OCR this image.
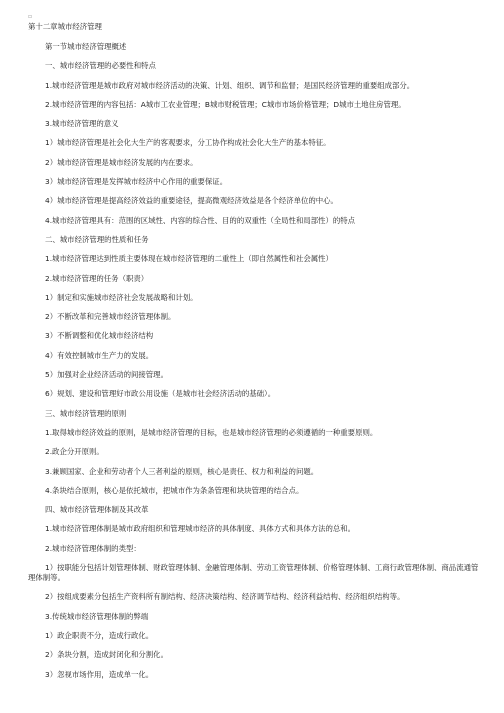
▫
第十二章城市经济管理
第一节城市经济管理概述
一、城市经济管理的必要性和特点
1.城市经济管理是城市政府对城市经济活动的决策、计划、组织、调节和监督；是国民经济管理的重要组成部分。
2.城市经济管理的内容包括：A城市工农业管理；B城市财税管理；C城市市场价格管理；D城市土地住房管理。
3.城市经济管理的意义
1）城市经济管理是社会化大生产的客观要求，分工协作构成社会化大生产的基本特征。
2）城市经济管理是城市经济发展的内在要求。
3）城市经济管理是发挥城市经济中心作用的重要保证。
4）城市经济管理是提高经济效益的重要途径，提高微观经济效益是各个经济单位的中心。
4.城市经济管理具有：范围的区域性、内容的综合性、目的的双重性（全局性和局部性）的特点
二、城市经济管理的性质和任务
1.城市经济管理达到性质主要体现在城市经济管理的二重性上（即自然属性和社会属性）
2.城市经济管理的任务（职责）
1）制定和实施城市经济社会发展战略和计划。
2）不断改革和完善城市经济管理体制。
3）不断调整和优化城市经济结构
4）有效控制城市生产力的发展。
5）加强对企业经济活动的间接管理。
6）规划、建设和管理好市政公用设施（是城市社会经济活动的基础）。
三、城市经济管理的原则
1.取得城市经济效益的原则，是城市经济管理的目标，也是城市经济管理的必须遵循的一种重要原则。
2.政企分开原则。
3.兼顾国家、企业和劳动者个人三者利益的原则，核心是责任、权力和利益的问题。
4.条块结合原则，核心是依托城市，把城市作为条条管理和块块管理的结合点。
四、城市经济管理体制及其改革
1.城市经济管理体制是城市政府组织和管理城市经济的具体制度、具体方式和具体方法的总和。
2.城市经济管理体制的类型：
1）按职能分包括计划管理体制、财政管理体制、金融管理体制、劳动工资管理体制、价格管理体制、工商行政管理体制、商品流通管理体制等。
2）按组成要素分包括生产资料所有制结构、经济决策结构、经济调节结构、经济利益结构、经济组织结构等。
3.传统城市经济管理体制的弊端
1）政企职责不分，造成行政化。
2）条块分割，造成封闭化和分割化。
3）忽视市场作用，造成单一化。
